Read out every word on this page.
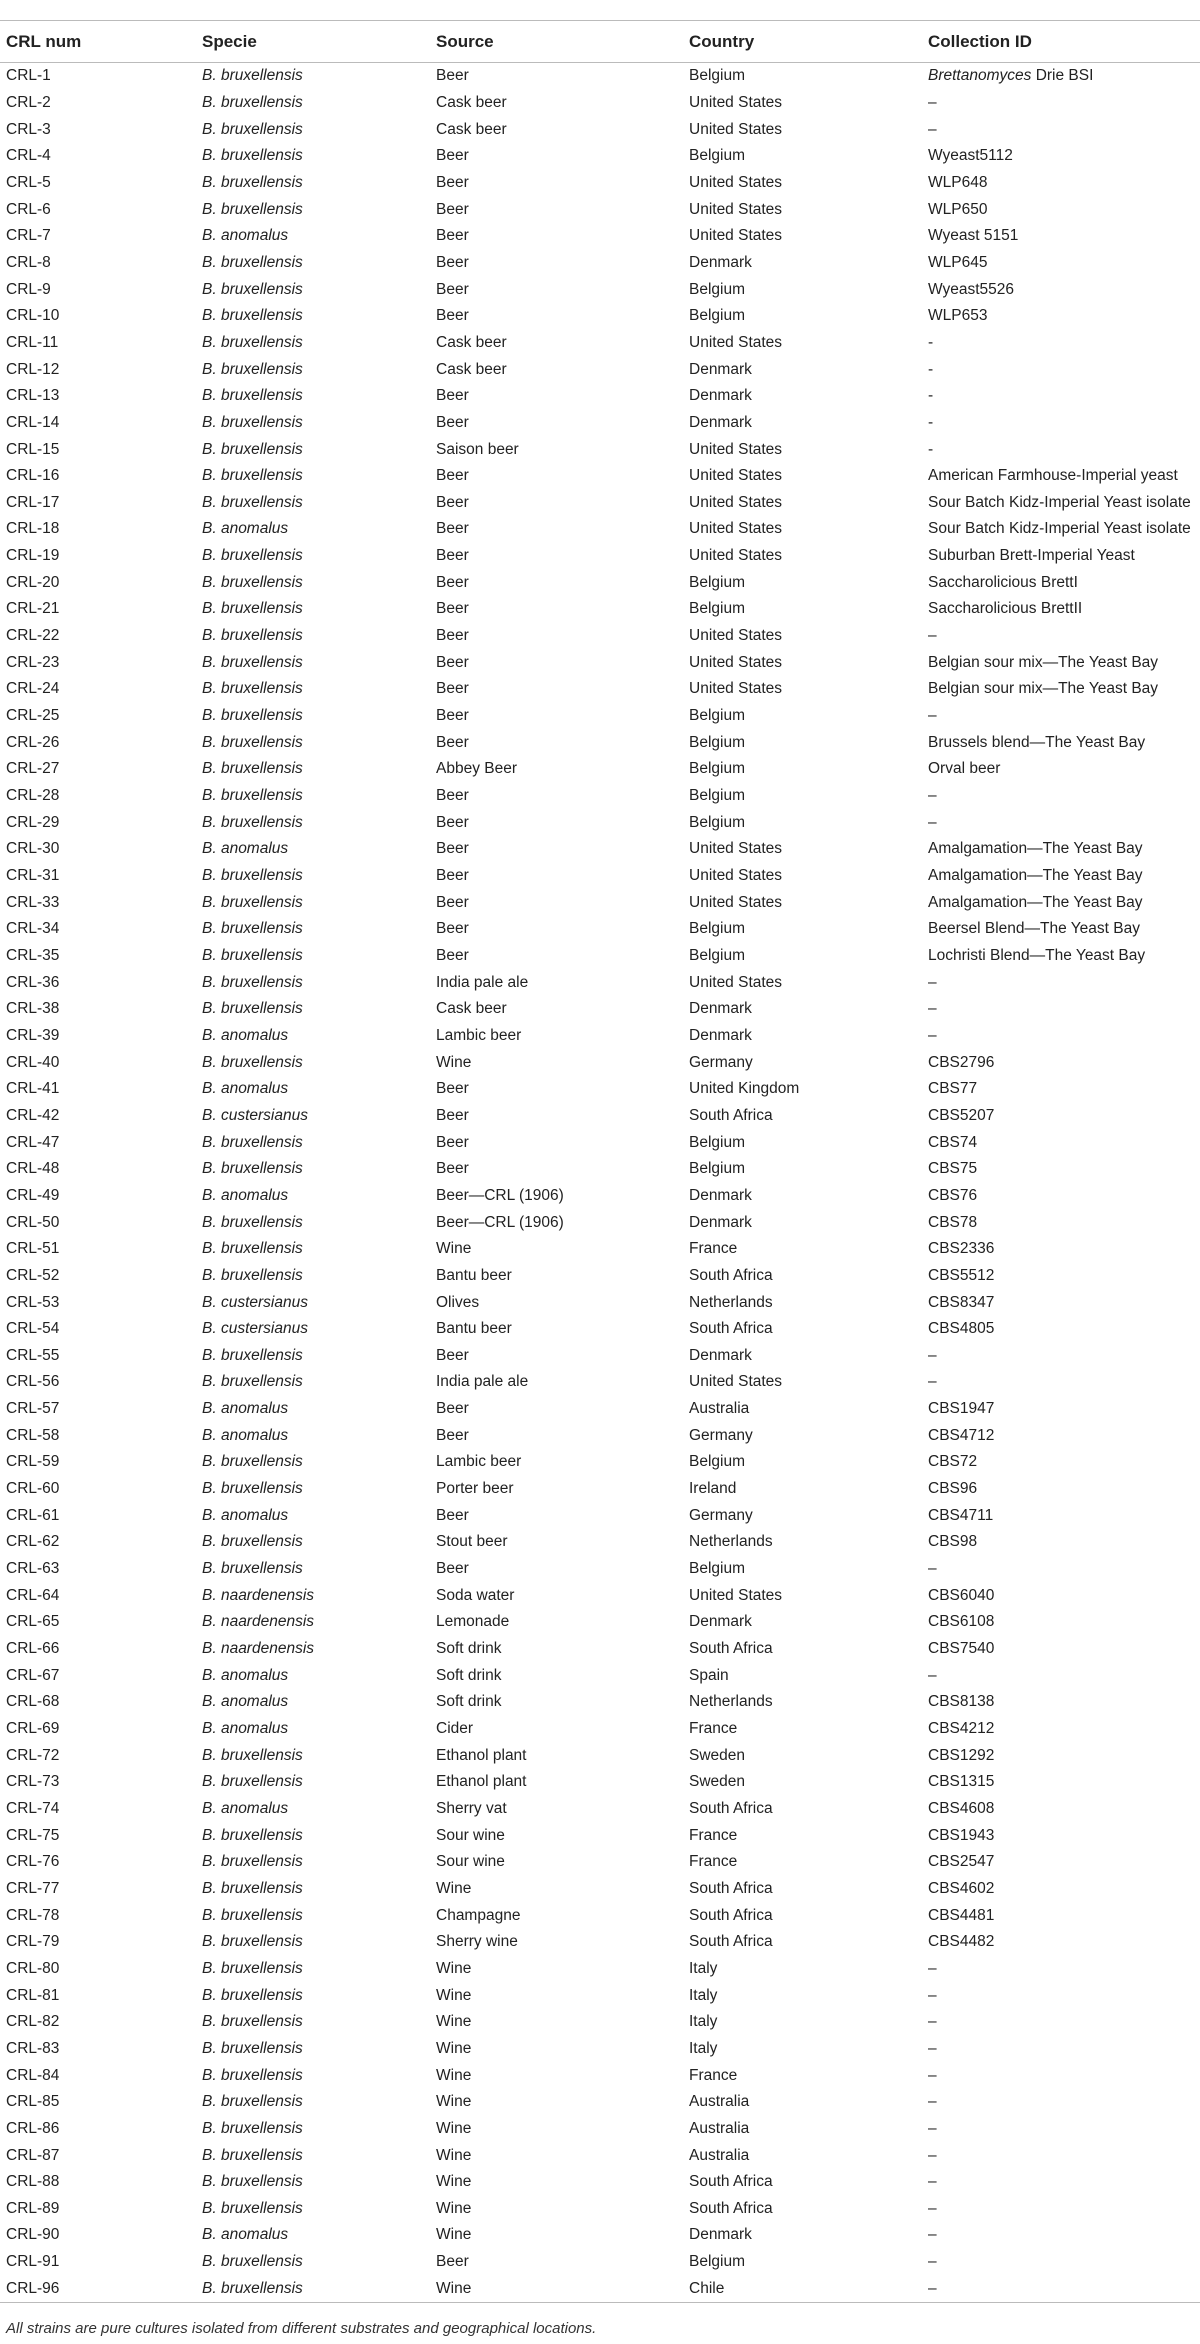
CRL num	Specie	Source	Country	Collection ID
CRL-1	B. bruxellensis	Beer	Belgium	Brettanomyces Drie BSI
CRL-2	B. bruxellensis	Cask beer	United States	–
CRL-3	B. bruxellensis	Cask beer	United States	–
CRL-4	B. bruxellensis	Beer	Belgium	Wyeast5112
CRL-5	B. bruxellensis	Beer	United States	WLP648
CRL-6	B. bruxellensis	Beer	United States	WLP650
CRL-7	B. anomalus	Beer	United States	Wyeast 5151
CRL-8	B. bruxellensis	Beer	Denmark	WLP645
CRL-9	B. bruxellensis	Beer	Belgium	Wyeast5526
CRL-10	B. bruxellensis	Beer	Belgium	WLP653
CRL-11	B. bruxellensis	Cask beer	United States	-
CRL-12	B. bruxellensis	Cask beer	Denmark	-
CRL-13	B. bruxellensis	Beer	Denmark	-
CRL-14	B. bruxellensis	Beer	Denmark	-
CRL-15	B. bruxellensis	Saison beer	United States	-
CRL-16	B. bruxellensis	Beer	United States	American Farmhouse-Imperial yeast
CRL-17	B. bruxellensis	Beer	United States	Sour Batch Kidz-Imperial Yeast isolate
CRL-18	B. anomalus	Beer	United States	Sour Batch Kidz-Imperial Yeast isolate
CRL-19	B. bruxellensis	Beer	United States	Suburban Brett-Imperial Yeast
CRL-20	B. bruxellensis	Beer	Belgium	Saccharolicious BrettI
CRL-21	B. bruxellensis	Beer	Belgium	Saccharolicious BrettII
CRL-22	B. bruxellensis	Beer	United States	–
CRL-23	B. bruxellensis	Beer	United States	Belgian sour mix—The Yeast Bay
CRL-24	B. bruxellensis	Beer	United States	Belgian sour mix—The Yeast Bay
CRL-25	B. bruxellensis	Beer	Belgium	–
CRL-26	B. bruxellensis	Beer	Belgium	Brussels blend—The Yeast Bay
CRL-27	B. bruxellensis	Abbey Beer	Belgium	Orval beer
CRL-28	B. bruxellensis	Beer	Belgium	–
CRL-29	B. bruxellensis	Beer	Belgium	–
CRL-30	B. anomalus	Beer	United States	Amalgamation—The Yeast Bay
CRL-31	B. bruxellensis	Beer	United States	Amalgamation—The Yeast Bay
CRL-33	B. bruxellensis	Beer	United States	Amalgamation—The Yeast Bay
CRL-34	B. bruxellensis	Beer	Belgium	Beersel Blend—The Yeast Bay
CRL-35	B. bruxellensis	Beer	Belgium	Lochristi Blend—The Yeast Bay
CRL-36	B. bruxellensis	India pale ale	United States	–
CRL-38	B. bruxellensis	Cask beer	Denmark	–
CRL-39	B. anomalus	Lambic beer	Denmark	–
CRL-40	B. bruxellensis	Wine	Germany	CBS2796
CRL-41	B. anomalus	Beer	United Kingdom	CBS77
CRL-42	B. custersianus	Beer	South Africa	CBS5207
CRL-47	B. bruxellensis	Beer	Belgium	CBS74
CRL-48	B. bruxellensis	Beer	Belgium	CBS75
CRL-49	B. anomalus	Beer—CRL (1906)	Denmark	CBS76
CRL-50	B. bruxellensis	Beer—CRL (1906)	Denmark	CBS78
CRL-51	B. bruxellensis	Wine	France	CBS2336
CRL-52	B. bruxellensis	Bantu beer	South Africa	CBS5512
CRL-53	B. custersianus	Olives	Netherlands	CBS8347
CRL-54	B. custersianus	Bantu beer	South Africa	CBS4805
CRL-55	B. bruxellensis	Beer	Denmark	–
CRL-56	B. bruxellensis	India pale ale	United States	–
CRL-57	B. anomalus	Beer	Australia	CBS1947
CRL-58	B. anomalus	Beer	Germany	CBS4712
CRL-59	B. bruxellensis	Lambic beer	Belgium	CBS72
CRL-60	B. bruxellensis	Porter beer	Ireland	CBS96
CRL-61	B. anomalus	Beer	Germany	CBS4711
CRL-62	B. bruxellensis	Stout beer	Netherlands	CBS98
CRL-63	B. bruxellensis	Beer	Belgium	–
CRL-64	B. naardenensis	Soda water	United States	CBS6040
CRL-65	B. naardenensis	Lemonade	Denmark	CBS6108
CRL-66	B. naardenensis	Soft drink	South Africa	CBS7540
CRL-67	B. anomalus	Soft drink	Spain	–
CRL-68	B. anomalus	Soft drink	Netherlands	CBS8138
CRL-69	B. anomalus	Cider	France	CBS4212
CRL-72	B. bruxellensis	Ethanol plant	Sweden	CBS1292
CRL-73	B. bruxellensis	Ethanol plant	Sweden	CBS1315
CRL-74	B. anomalus	Sherry vat	South Africa	CBS4608
CRL-75	B. bruxellensis	Sour wine	France	CBS1943
CRL-76	B. bruxellensis	Sour wine	France	CBS2547
CRL-77	B. bruxellensis	Wine	South Africa	CBS4602
CRL-78	B. bruxellensis	Champagne	South Africa	CBS4481
CRL-79	B. bruxellensis	Sherry wine	South Africa	CBS4482
CRL-80	B. bruxellensis	Wine	Italy	–
CRL-81	B. bruxellensis	Wine	Italy	–
CRL-82	B. bruxellensis	Wine	Italy	–
CRL-83	B. bruxellensis	Wine	Italy	–
CRL-84	B. bruxellensis	Wine	France	–
CRL-85	B. bruxellensis	Wine	Australia	–
CRL-86	B. bruxellensis	Wine	Australia	–
CRL-87	B. bruxellensis	Wine	Australia	–
CRL-88	B. bruxellensis	Wine	South Africa	–
CRL-89	B. bruxellensis	Wine	South Africa	–
CRL-90	B. anomalus	Wine	Denmark	–
CRL-91	B. bruxellensis	Beer	Belgium	–
CRL-96	B. bruxellensis	Wine	Chile	–
All strains are pure cultures isolated from different substrates and geographical locations.
